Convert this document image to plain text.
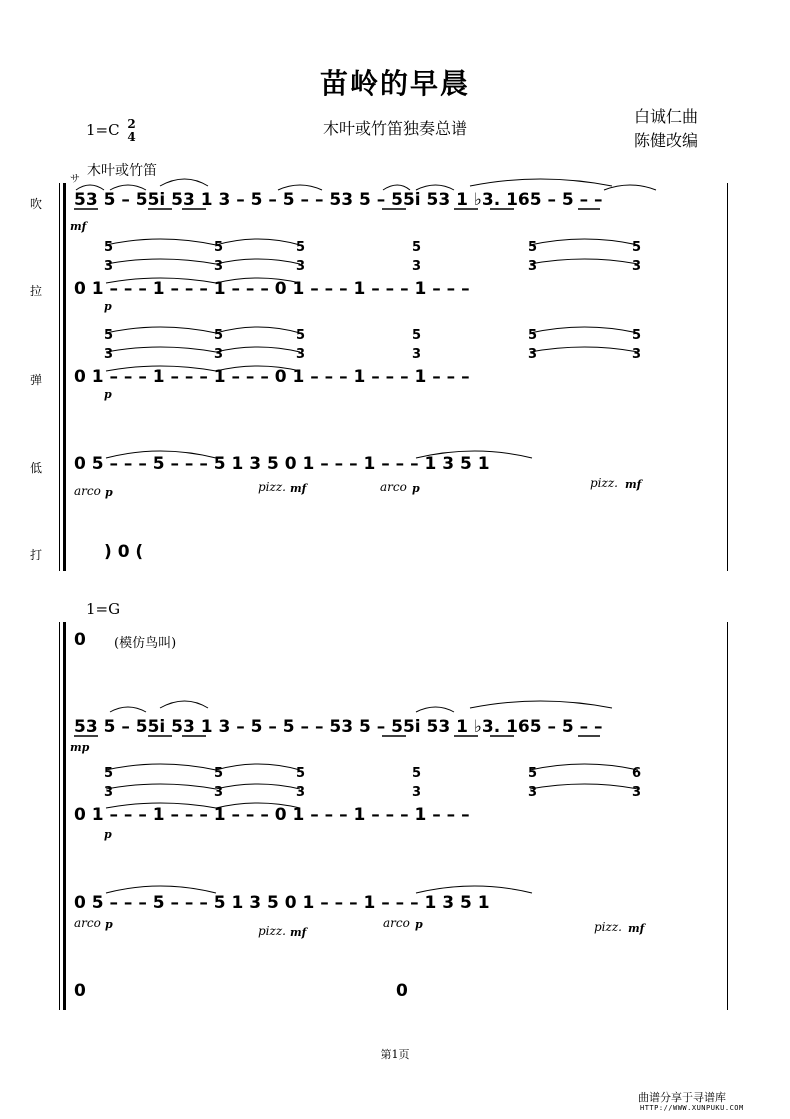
苗岭的早晨
1=C 2
4	木叶或竹笛独奏总谱
白诚仁曲
陈健改编
サ
木叶或竹笛
吹
拉
弹
低
打
53 5 – 55i 53 1 3 – 5 – 5 – – 53 5 – 55i 53 1 ♭3. 165 – 5 – –
mf
5
3
5
3
5
3
5
3
5
3
5
3
0 1 – – – 1 – – – 1 – – – 0 1 – – – 1 – – – 1 – – –
p
5
3
5
3
5
3
5
3
5
3
5
3
0 1 – – – 1 – – – 1 – – – 0 1 – – – 1 – – – 1 – – –
p
0 5 – – – 5 – – – 5 1 3 5 0 1 – – – 1 – – – 1 3 5 1
arco p	pizz. mf	arco p	pizz. mf
) 0 (
1=G
0 (模仿鸟叫)
53 5 – 55i 53 1 3 – 5 – 5 – – 53 5 – 55i 53 1 ♭3. 165 – 5 – –
mp
5
3
5
3
5
3
5
3
5
3
6
3
0 1 – – – 1 – – – 1 – – – 0 1 – – – 1 – – – 1 – – –
p
0 5 – – – 5 – – – 5 1 3 5 0 1 – – – 1 – – – 1 3 5 1
arco p	pizz. mf
arco p	pizz. mf
0	0
第1页
曲谱分享于寻谱库
HTTP://WWW.XUNPUKU.COM
